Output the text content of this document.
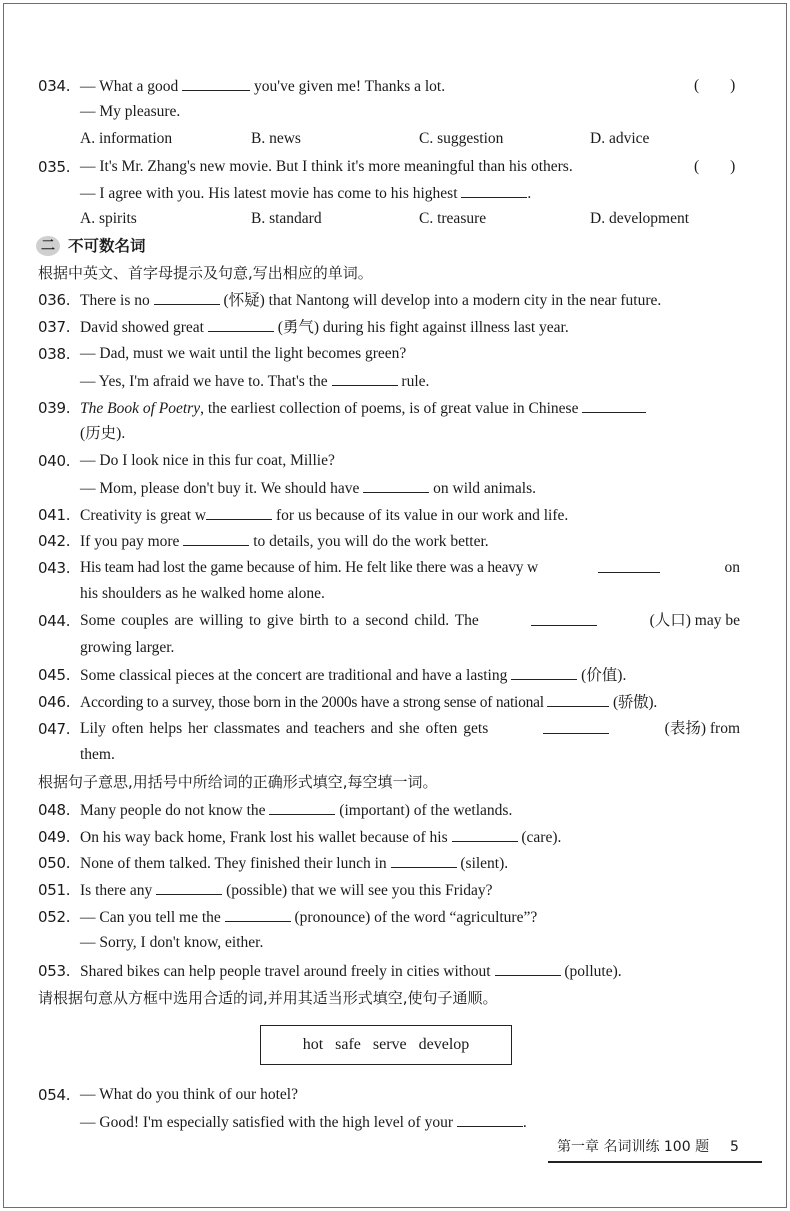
034. — What a good	you've given me! Thanks a lot.	(        )
— My pleasure.
A. information	B. news	C. suggestion	D. advice
035. — It's Mr. Zhang's new movie. But I think it's more meaningful than his others.	(        )
— I agree with you. His latest movie has come to his highest	.
A. spirits	B. standard	C. treasure	D. development
二 不可数名词
根据中英文、首字母提示及句意,写出相应的单词。
036. There is no	(怀疑) that Nantong will develop into a modern city in the near future.
037. David showed great	(勇气) during his fight against illness last year.
038. — Dad, must we wait until the light becomes green?
— Yes, I'm afraid we have to. That's the	rule.
039. The Book of Poetry, the earliest collection of poems, is of great value in Chinese
(历史).
040. — Do I look nice in this fur coat, Millie?
— Mom, please don't buy it. We should have	on wild animals.
041. Creativity is great w	for us because of its value in our work and life.
042. If you pay more	to details, you will do the work better.
043. His team had lost the game because of him. He felt like there was a heavy w	on
his shoulders as he walked home alone.
044. Some couples are willing to give birth to a second child. The	(人口) may be
growing larger.
045. Some classical pieces at the concert are traditional and have a lasting	(价值).
046. According to a survey, those born in the 2000s have a strong sense of national	(骄傲).
047. Lily often helps her classmates and teachers and she often gets	(表扬) from
them.
根据句子意思,用括号中所给词的正确形式填空,每空填一词。
048. Many people do not know the	(important) of the wetlands.
049. On his way back home, Frank lost his wallet because of his	(care).
050. None of them talked. They finished their lunch in	(silent).
051. Is there any	(possible) that we will see you this Friday?
052. — Can you tell me the	(pronounce) of the word “agriculture”?
— Sorry, I don't know, either.
053. Shared bikes can help people travel around freely in cities without	(pollute).
请根据句意从方框中选用合适的词,并用其适当形式填空,使句子通顺。
hot safe serve develop
054. — What do you think of our hotel?
— Good! I'm especially satisfied with the high level of your	.
第一章 名词训练 100 题 5
